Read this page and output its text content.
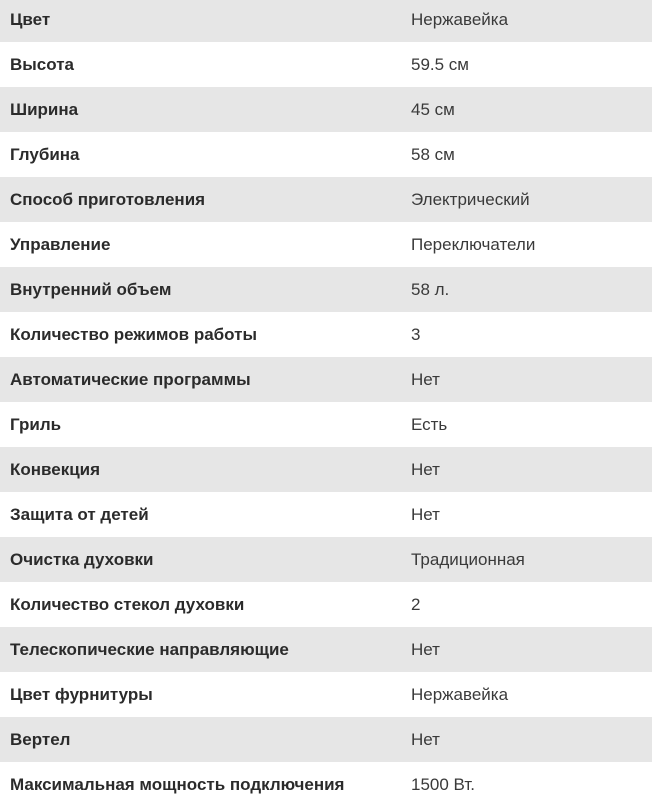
Цвет	Нержавейка
Высота	59.5 см
Ширина	45 см
Глубина	58 см
Способ приготовления	Электрический
Управление	Переключатели
Внутренний объем	58 л.
Количество режимов работы	3
Автоматические программы	Нет
Гриль	Есть
Конвекция	Нет
Защита от детей	Нет
Очистка духовки	Традиционная
Количество стекол духовки	2
Телескопические направляющие	Нет
Цвет фурнитуры	Нержавейка
Вертел	Нет
Максимальная мощность подключения	1500 Вт.
